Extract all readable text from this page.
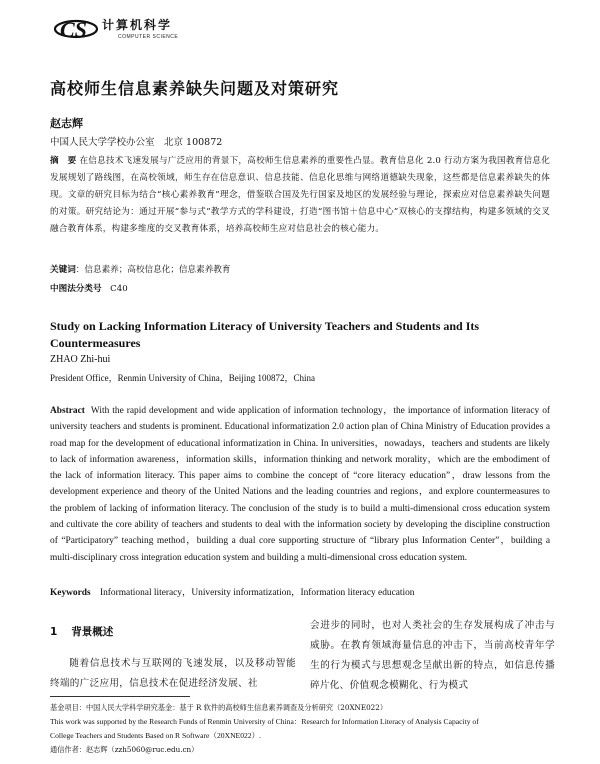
CS 计算机科学
COMPUTER SCIENCE
高校师生信息素养缺失问题及对策研究
赵志辉
中国人民大学学校办公室　北京 100872
摘　要 在信息技术飞速发展与广泛应用的背景下，高校师生信息素养的重要性凸显。教育信息化 2.0 行动方案为我国教育信息化发展规划了路线图，在高校领域，师生存在信息意识、信息技能、信息化思维与网络道德缺失现象，这些都是信息素养缺失的体现。文章的研究目标为结合“核心素养教育”理念，借鉴联合国及先行国家及地区的发展经验与理论，探索应对信息素养缺失问题的对策。研究结论为：通过开展“参与式”教学方式的学科建设，打造“图书馆＋信息中心”双核心的支撑结构，构建多领域的交叉融合教育体系，构建多维度的交叉教育体系，培养高校师生应对信息社会的核心能力。
关键词：信息素养；高校信息化；信息素养教育
中图法分类号　C40
Study on Lacking Information Literacy of University Teachers and Students and Its Countermeasures
ZHAO Zhi-hui
President Office，Renmin University of China，Beijing 100872，China
Abstract With the rapid development and wide application of information technology，the importance of information literacy of university teachers and students is prominent. Educational informatization 2.0 action plan of China Ministry of Education provides a road map for the development of educational informatization in China. In universities，nowadays，teachers and students are likely to lack of information awareness，information skills，information thinking and network morality，which are the embodiment of the lack of information literacy. This paper aims to combine the concept of “core literacy education”，draw lessons from the development experience and theory of the United Nations and the leading countries and regions，and explore countermeasures to the problem of lacking of information literacy. The conclusion of the study is to build a multi-dimensional cross education system and cultivate the core ability of teachers and students to deal with the information society by developing the discipline construction of “Participatory” teaching method，building a dual core supporting structure of “library plus Information Center”，building a multi-disciplinary cross integration education system and building a multi-dimensional cross education system.
Keywords Informational literacy，University informatization，Information literacy education
1 背景概述
随着信息技术与互联网的飞速发展，以及移动智能终端的广泛应用，信息技术在促进经济发展、社
会进步的同时，也对人类社会的生存发展构成了冲击与威胁。在教育领域海量信息的冲击下，当前高校青年学生的行为模式与思想观念呈献出新的特点，如信息传播碎片化、价值观念模糊化、行为模式
基金项目：中国人民大学科学研究基金：基于 R 软件的高校师生信息素养调查及分析研究（20XNE022）
This work was supported by the Research Funds of Renmin University of China：Research for Information Literacy of Analysis Capacity of
College Teachers and Students Based on R Software（20XNE022）.
通信作者：赵志辉（zzh5060@ruc.edu.cn）
